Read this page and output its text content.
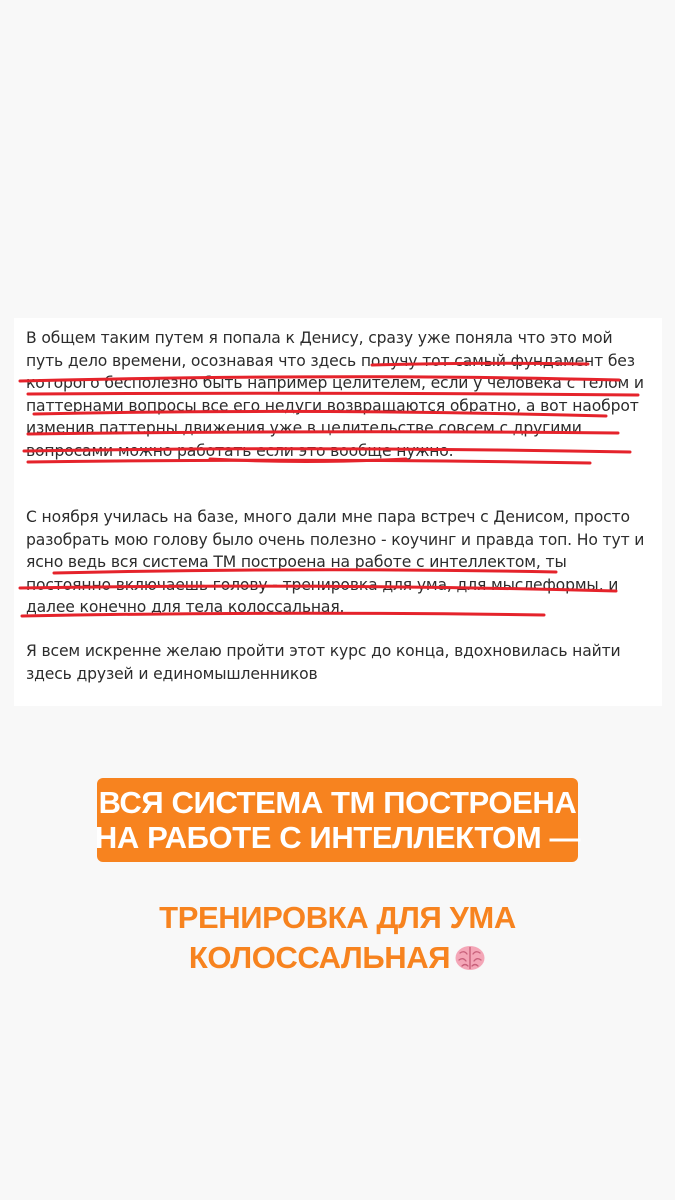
В общем таким путем я попала к Денису, сразу уже поняла что это мой путь дело времени, осознавая что здесь получу тот самый фундамент без которого бесполезно быть например целителем, если у человека с телом и паттернами вопросы все его недуги возвращаются обратно, а вот наоброт изменив паттерны движения уже в целительстве совсем с другими вопросами можно работать если это вообще нужно.

С ноября училась на базе, много дали мне пара встреч с Денисом, просто разобрать мою голову было очень полезно - коучинг и правда топ. Но тут и ясно ведь вся система ТМ построена на работе с интеллектом, ты постоянно включаешь голову - тренировка для ума, для мыслеформы, и далее конечно для тела колоссальная.

Я всем искренне желаю пройти этот курс до конца, вдохновилась найти здесь друзей и единомышленников

ВСЯ СИСТЕМА ТМ ПОСТРОЕНА
НА РАБОТЕ С ИНТЕЛЛЕКТОМ —
ТРЕНИРОВКА ДЛЯ УМА
КОЛОССАЛЬНАЯ
